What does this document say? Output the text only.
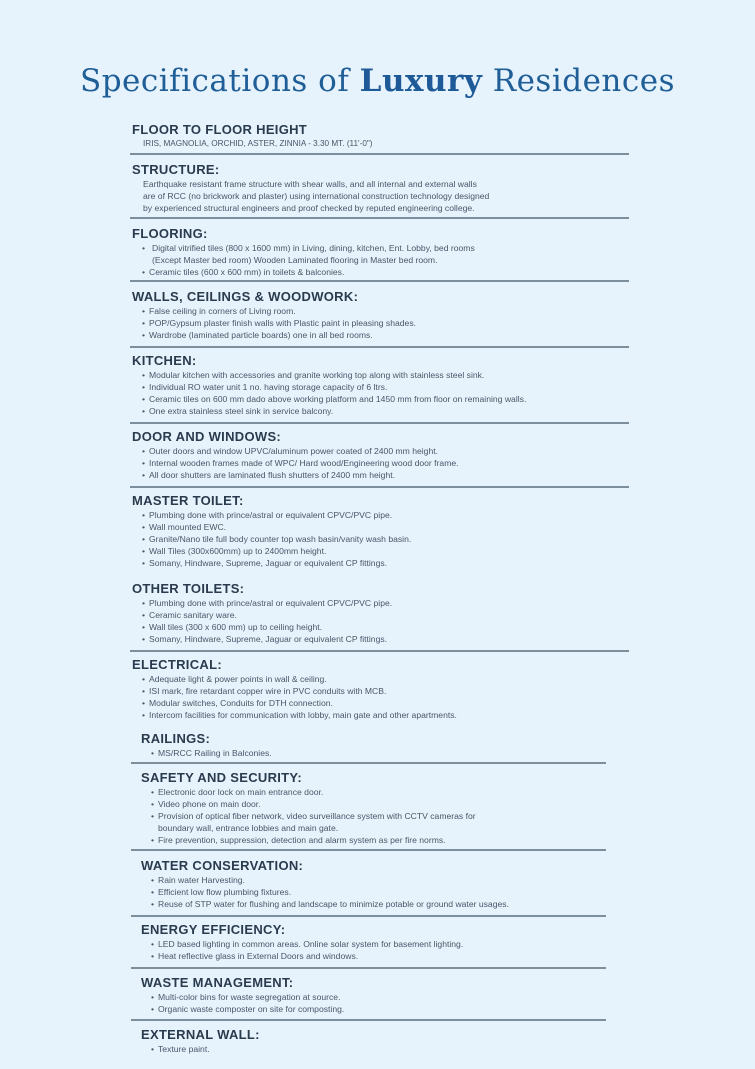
Specifications of Luxury Residences
FLOOR TO FLOOR HEIGHT

IRIS, MAGNOLIA, ORCHID, ASTER, ZINNIA - 3.30 MT. (11'-0")

STRUCTURE:
Earthquake resistant frame structure with shear walls, and all internal and external walls
are of RCC (no brickwork and plaster) using international construction technology designed
by experienced structural engineers and proof checked by reputed engineering college.
FLOORING:
• Digital vitrified tiles (800 x 1600 mm) in Living, dining, kitchen, Ent. Lobby, bed rooms
(Except Master bed room) Wooden Laminated flooring in Master bed room.
• Ceramic tiles (600 x 600 mm) in toilets & balconies.
WALLS, CEILINGS & WOODWORK:
• False ceiling in corners of Living room.
• POP/Gypsum plaster finish walls with Plastic paint in pleasing shades.
• Wardrobe (laminated particle boards) one in all bed rooms.
KITCHEN:
• Modular kitchen with accessories and granite working top along with stainless steel sink.
• Individual RO water unit 1 no. having storage capacity of 6 ltrs.
• Ceramic tiles on 600 mm dado above working platform and 1450 mm from floor on remaining walls.
• One extra stainless steel sink in service balcony.
DOOR AND WINDOWS:
• Outer doors and window UPVC/aluminum power coated of 2400 mm height.
• Internal wooden frames made of WPC/ Hard wood/Engineering wood door frame.
• All door shutters are laminated flush shutters of 2400 mm height.
MASTER TOILET:
• Plumbing done with prince/astral or equivalent CPVC/PVC pipe.
• Wall mounted EWC.
• Granite/Nano tile full body counter top wash basin/vanity wash basin.
• Wall Tiles (300x600mm) up to 2400mm height.
• Somany, Hindware, Supreme, Jaguar or equivalent CP fittings.
OTHER TOILETS:
• Plumbing done with prince/astral or equivalent CPVC/PVC pipe.
• Ceramic sanitary ware.
• Wall tiles (300 x 600 mm) up to ceiling height.
• Somany, Hindware, Supreme, Jaguar or equivalent CP fittings.
ELECTRICAL:
• Adequate light & power points in wall & ceiling.
• ISI mark, fire retardant copper wire in PVC conduits with MCB.
• Modular switches, Conduits for DTH connection.
• Intercom facilities for communication with lobby, main gate and other apartments.
RAILINGS:
• MS/RCC Railing in Balconies.
SAFETY AND SECURITY:
• Electronic door lock on main entrance door.
• Video phone on main door.
• Provision of optical fiber network, video surveillance system with CCTV cameras for
boundary wall, entrance lobbies and main gate.
• Fire prevention, suppression, detection and alarm system as per fire norms.
WATER CONSERVATION:
• Rain water Harvesting.
• Efficient low flow plumbing fixtures.
• Reuse of STP water for flushing and landscape to minimize potable or ground water usages.
ENERGY EFFICIENCY:
• LED based lighting in common areas. Online solar system for basement lighting.
• Heat reflective glass in External Doors and windows.
WASTE MANAGEMENT:
• Multi-color bins for waste segregation at source.
• Organic waste composter on site for composting.
EXTERNAL WALL:
• Texture paint.
